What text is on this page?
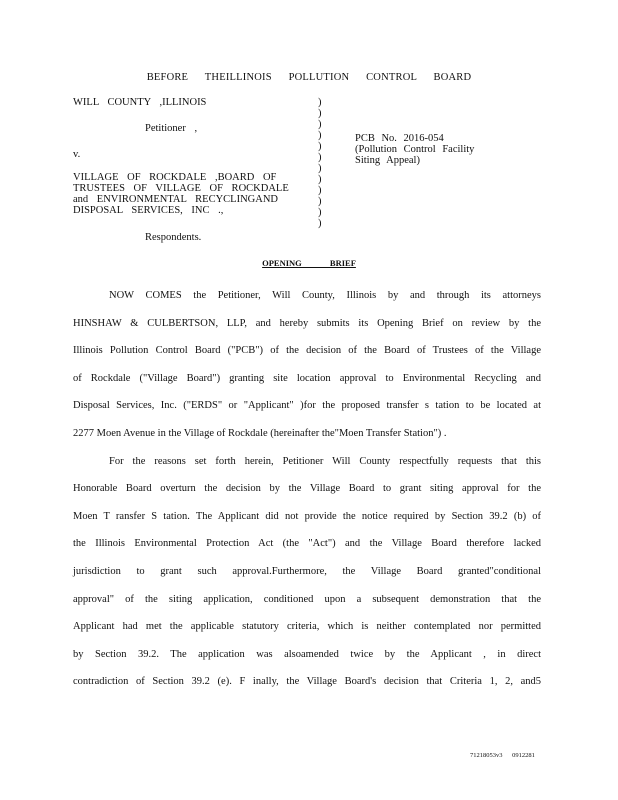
BEFORE THEILLINOIS POLLUTION CONTROL BOARD
WILL COUNTY ,ILLINOIS
Petitioner ,
v.
VILLAGE OF ROCKDALE ,BOARD OF
TRUSTEES OF VILLAGE OF ROCKDALE
and ENVIRONMENTAL RECYCLINGAND
DISPOSAL SERVICES, INC .,
Respondents.
)
)
)
)
)
)
)
)
)
)
)
)
PCB No. 2016-054
(Pollution Control Facility
Siting Appeal)
OPENING BRIEF

NOW COMES the Petitioner, Will County, Illinois by and through its attorneys

HINSHAW & CULBERTSON, LLP, and hereby submits its Opening Brief on review by the

Illinois Pollution Control Board ("PCB") of the decision of the Board of Trustees of the Village

of Rockdale ("Village Board") granting site location approval to Environmental Recycling and

Disposal Services, Inc. ("ERDS" or "Applicant" )for the proposed transfer s tation to be located at

2277 Moen Avenue in the Village of Rockdale (hereinafter the"Moen Transfer Station") .

For the reasons set forth herein, Petitioner Will County respectfully requests that this

Honorable Board overturn the decision by the Village Board to grant siting approval for the

Moen T ransfer S tation. The Applicant did not provide the notice required by Section 39.2 (b) of

the Illinois Environmental Protection Act (the "Act") and the Village Board therefore lacked

jurisdiction to grant such approval.Furthermore, the Village Board granted"conditional

approval" of the siting application, conditioned upon a subsequent demonstration that the

Applicant had met the applicable statutory criteria, which is neither contemplated nor permitted

by Section 39.2. The application was alsoamended twice by the Applicant , in direct

contradiction of Section 39.2 (e). F inally, the Village Board's decision that Criteria 1, 2, and5

71218053v3 0912281
